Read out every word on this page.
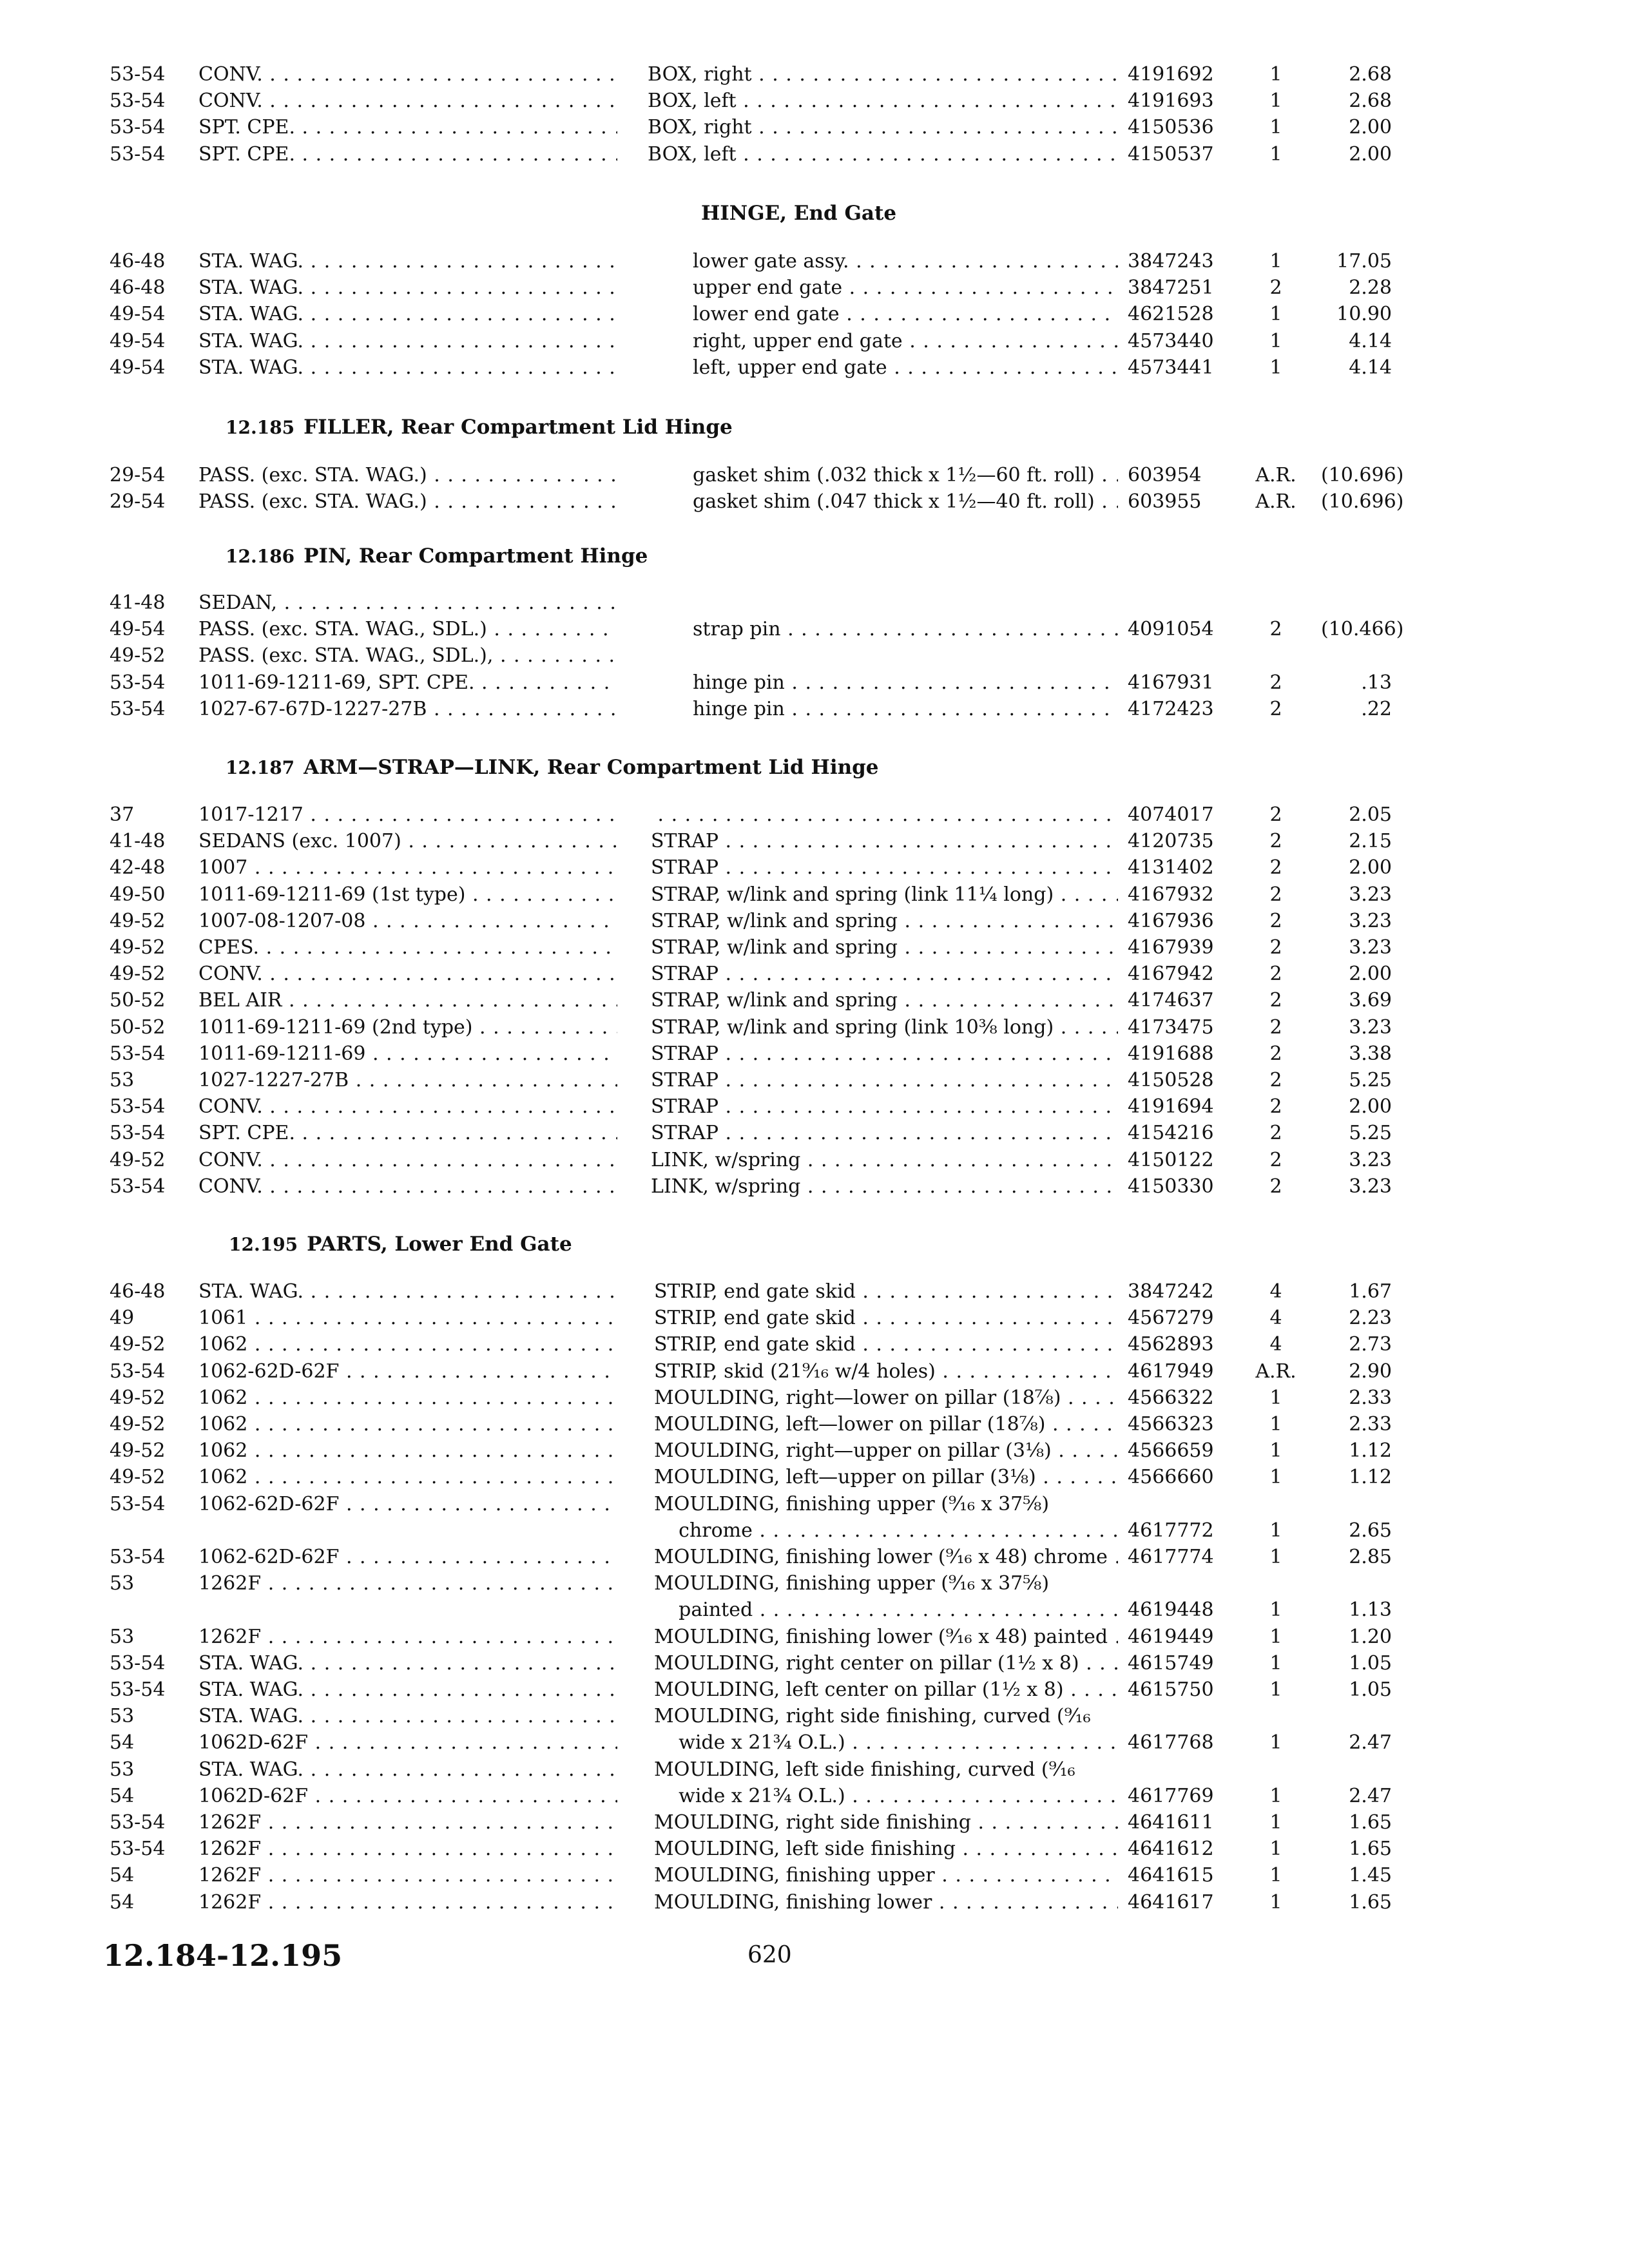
53-54 CONV. . . .	BOX, right . . .	4191692	1	2.68
53-54 CONV. . . .	BOX, left . . .	4191693	1	2.68
53-54 SPT. CPE. . . .	BOX, right . . .	4150536	1	2.00
53-54 SPT. CPE. . . .	BOX, left . . .	4150537	1	2.00
HINGE, End Gate
46-48 STA. WAG. . . .	lower gate assy. . . .	3847243	1	17.05
46-48 STA. WAG. . . .	upper end gate . . .	3847251	2	2.28
49-54 STA. WAG. . . .	lower end gate . . .	4621528	1	10.90
49-54 STA. WAG. . . .	right, upper end gate . . .	4573440	1	4.14
49-54 STA. WAG. . . .	left, upper end gate . . .	4573441	1	4.14
12.185 FILLER, Rear Compartment Lid Hinge
29-54 PASS. (exc. STA. WAG.) . . .	gasket shim (.032 thick x 1½—60 ft. roll) . . .	603954	A.R.	(10.696)
29-54 PASS. (exc. STA. WAG.) . . .	gasket shim (.047 thick x 1½—40 ft. roll) . . .	603955	A.R.	(10.696)
12.186 PIN, Rear Compartment Hinge
41-48 SEDAN, . . .
49-54 PASS. (exc. STA. WAG., SDL.) . . .	strap pin . . .	4091054	2	(10.466)
49-52 PASS. (exc. STA. WAG., SDL.), . . .
53-54 1011-69-1211-69, SPT. CPE. . . .	hinge pin . . .	4167931	2	.13
53-54 1027-67-67D-1227-27B . . .	hinge pin . . .	4172423	2	.22
12.187 ARM—STRAP—LINK, Rear Compartment Lid Hinge
37	1017-1217 . . .
. . .	4074017	2	2.05
41-48 SEDANS (exc. 1007) . . .	STRAP . . .	4120735	2	2.15
42-48 1007 . . .	STRAP . . .	4131402	2	2.00
49-50 1011-69-1211-69 (1st type) . . .	STRAP, w/link and spring (link 11¼ long) . . .	4167932	2	3.23
49-52 1007-08-1207-08 . . .	STRAP, w/link and spring . . .	4167936	2	3.23
49-52 CPES. . . .	STRAP, w/link and spring . . .	4167939	2	3.23
49-52 CONV. . . .	STRAP . . .	4167942	2	2.00
50-52 BEL AIR . . .	STRAP, w/link and spring . . .	4174637	2	3.69
50-52 1011-69-1211-69 (2nd type) . . .	STRAP, w/link and spring (link 10⅜ long) . . .	4173475	2	3.23
53-54 1011-69-1211-69 . . .	STRAP . . .	4191688	2	3.38
53	1027-1227-27B . . .	STRAP . . .	4150528	2	5.25
53-54 CONV. . . .	STRAP . . .	4191694	2	2.00
53-54 SPT. CPE. . . .	STRAP . . .	4154216	2	5.25
49-52 CONV. . . .	LINK, w/spring . . .	4150122	2	3.23
53-54 CONV. . . .	LINK, w/spring . . .	4150330	2	3.23
12.195 PARTS, Lower End Gate
46-48 STA. WAG. . . .	STRIP, end gate skid . . .	3847242	4	1.67
49	1061 . . .	STRIP, end gate skid . . .	4567279	4	2.23
49-52 1062 . . .	STRIP, end gate skid . . .	4562893	4	2.73
53-54 1062-62D-62F . . .	STRIP, skid (21⁹⁄₁₆ w/4 holes) . . .	4617949	A.R.	2.90
49-52 1062 . . .	MOULDING, right—lower on pillar (18⅞) . . .	4566322	1	2.33
49-52 1062 . . .	MOULDING, left—lower on pillar (18⅞) . . .	4566323	1	2.33
49-52 1062 . . .	MOULDING, right—upper on pillar (3⅛) . . .	4566659	1	1.12
49-52 1062 . . .	MOULDING, left—upper on pillar (3⅛) . . .	4566660	1	1.12
53-54 1062-62D-62F . . .	MOULDING, finishing upper (⁹⁄₁₆ x 37⅝)
chrome . . .	4617772	1	2.65
53-54 1062-62D-62F . . .	MOULDING, finishing lower (⁹⁄₁₆ x 48) chrome . . .	4617774	1	2.85
53	1262F . . .	MOULDING, finishing upper (⁹⁄₁₆ x 37⅝)
painted . . .	4619448	1	1.13
53	1262F . . .	MOULDING, finishing lower (⁹⁄₁₆ x 48) painted . . .	4619449	1	1.20
53-54 STA. WAG. . . .	MOULDING, right center on pillar (1½ x 8) . . .	4615749	1	1.05
53-54 STA. WAG. . . .	MOULDING, left center on pillar (1½ x 8) . . .	4615750	1	1.05
53	STA. WAG. . . .	MOULDING, right side finishing, curved (⁹⁄₁₆
54	1062D-62F . . .	wide x 21¾ O.L.) . . .	4617768	1	2.47
53	STA. WAG. . . .	MOULDING, left side finishing, curved (⁹⁄₁₆
54	1062D-62F . . .	wide x 21¾ O.L.) . . .	4617769	1	2.47
53-54 1262F . . .	MOULDING, right side finishing . . .	4641611	1	1.65
53-54 1262F . . .	MOULDING, left side finishing . . .	4641612	1	1.65
54	1262F . . .	MOULDING, finishing upper . . .	4641615	1	1.45
54	1262F . . .	MOULDING, finishing lower . . .	4641617	1	1.65
12.184-12.195	620
